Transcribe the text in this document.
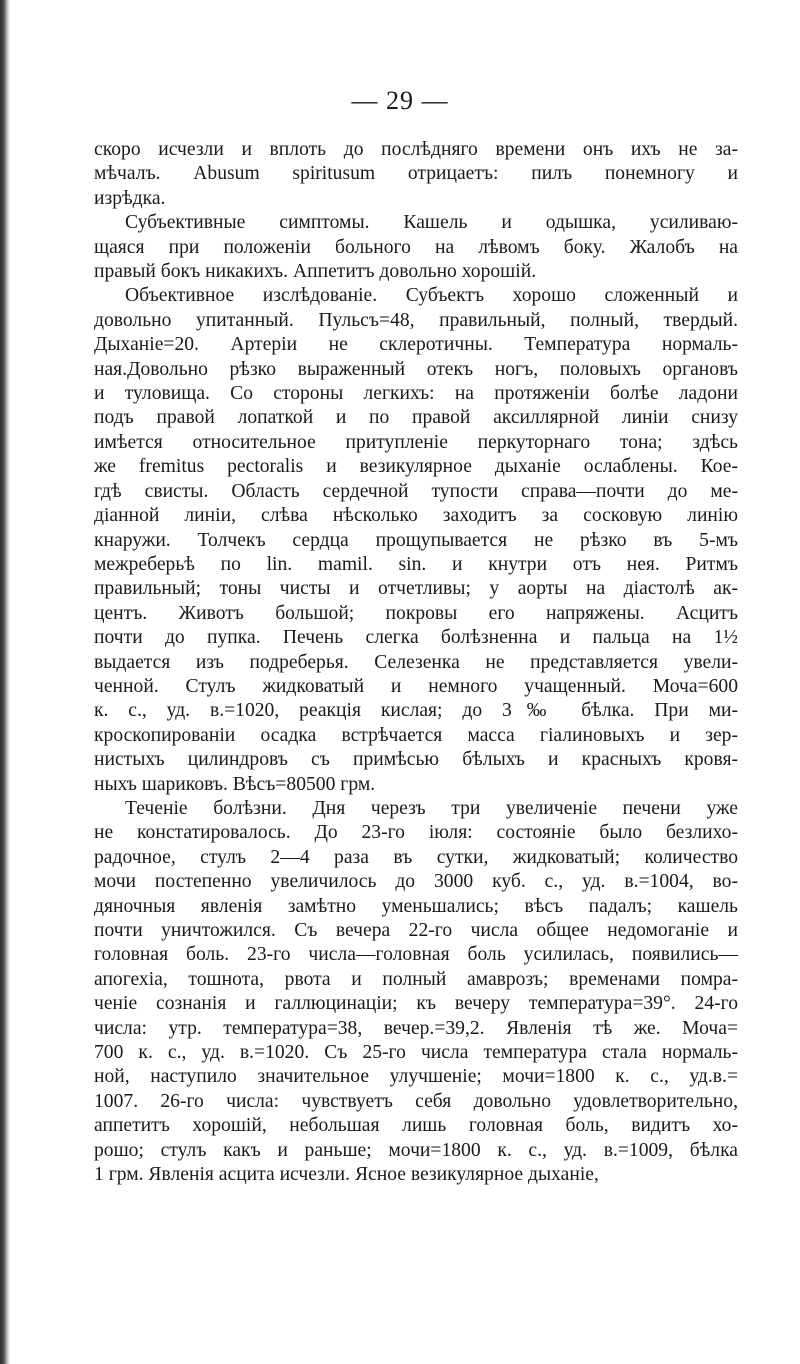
— 29 —

скоро исчезли и вплоть до послѣдняго времени онъ ихъ не за-
мѣчалъ. Abusum spiritusum отрицаетъ: пилъ понемногу и
изрѣдка.

Субъективные симптомы. Кашель и одышка, усиливаю-
щаяся при положеніи больного на лѣвомъ боку. Жалобъ на
правый бокъ никакихъ. Аппетитъ довольно хорошій.

Объективное изслѣдованіе. Субъектъ хорошо сложенный и
довольно упитанный. Пульсъ=48, правильный, полный, твердый.
Дыханіе=20. Артеріи не склеротичны. Температура нормаль-
ная.Довольно рѣзко выраженный отекъ ногъ, половыхъ органовъ
и туловища. Со стороны легкихъ: на протяженіи болѣе ладони
подъ правой лопаткой и по правой аксиллярной линіи снизу
имѣется относительное притупленіе перкуторнаго тона; здѣсь
же fremitus pectoralis и везикулярное дыханіе ослаблены. Кое-
гдѣ свисты. Область сердечной тупости справа—почти до ме-
діанной линіи, слѣва нѣсколько заходитъ за сосковую линію
кнаружи. Толчекъ сердца прощупывается не рѣзко въ 5-мъ
межреберьѣ по lin. mamil. sin. и кнутри отъ нея. Ритмъ
правильный; тоны чисты и отчетливы; у аорты на діастолѣ ак-
центъ. Животъ большой; покровы его напряжены. Асцитъ
почти до пупка. Печень слегка болѣзненна и пальца на 1½
выдается изъ подреберья. Селезенка не представляется увели-
ченной. Стулъ жидковатый и немного учащенный. Моча=600
к. с., уд. в.=1020, реакція кислая; до 3‰ бѣлка. При ми-
кроскопированіи осадка встрѣчается масса гіалиновыхъ и зер-
нистыхъ цилиндровъ съ примѣсью бѣлыхъ и красныхъ кровя-
ныхъ шариковъ. Вѣсъ=80500 грм.

Теченіе болѣзни. Дня черезъ три увеличеніе печени уже
не констатировалось. До 23-го іюля: состояніе было безлихо-
радочное, стулъ 2—4 раза въ сутки, жидковатый; количество
мочи постепенно увеличилось до 3000 куб. с., уд. в.=1004, во-
дяночныя явленія замѣтно уменьшались; вѣсъ падалъ; кашель
почти уничтожился. Съ вечера 22-го числа общее недомоганіе и
головная боль. 23-го числа—головная боль усилилась, появились—
апогехіа, тошнота, рвота и полный амаврозъ; временами помра-
ченіе сознанія и галлюцинаціи; къ вечеру температура=39°. 24-го
числа: утр. температура=38, вечер.=39,2. Явленія тѣ же. Моча=
700 к. с., уд. в.=1020. Съ 25-го числа температура стала нормаль-
ной, наступило значительное улучшеніе; мочи=1800 к. с., уд.в.=
1007. 26-го числа: чувствуетъ себя довольно удовлетворительно,
аппетитъ хорошій, небольшая лишь головная боль, видитъ хо-
рошо; стулъ какъ и раньше; мочи=1800 к. с., уд. в.=1009, бѣлка
1 грм. Явленія асцита исчезли. Ясное везикулярное дыханіе,
